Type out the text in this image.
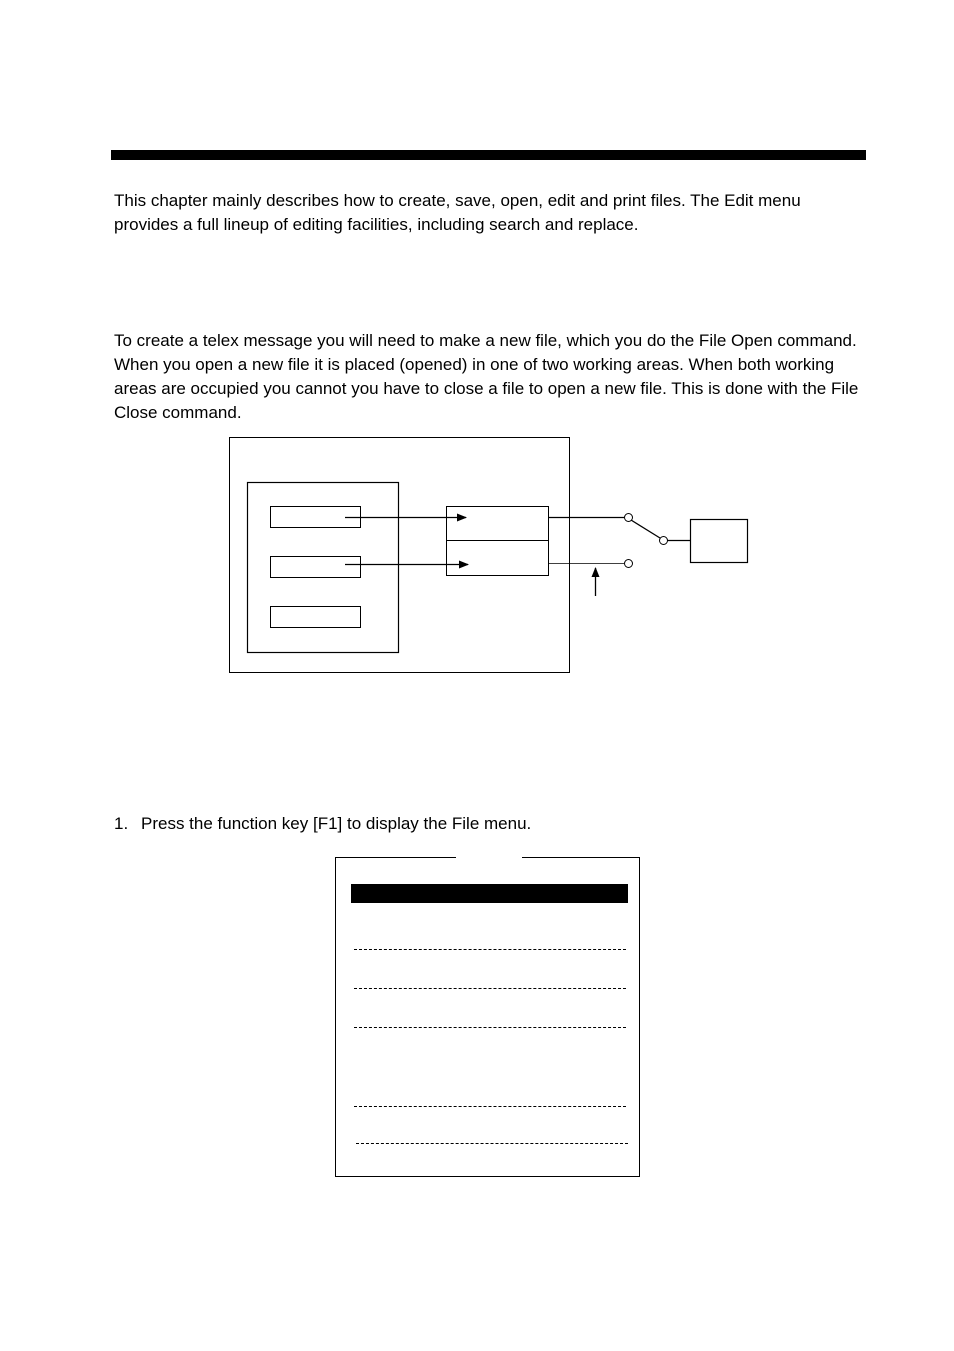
This chapter mainly describes how to create, save, open, edit and print files. The Edit menu provides a full lineup of editing facilities, including search and replace.

To create a telex message you will need to make a new file, which you do the File Open command. When you open a new file it is placed (opened) in one of two working areas. When both working areas are occupied you cannot you have to close a file to open a new file. This is done with the File Close command.

1. Press the function key [F1] to display the File menu.
